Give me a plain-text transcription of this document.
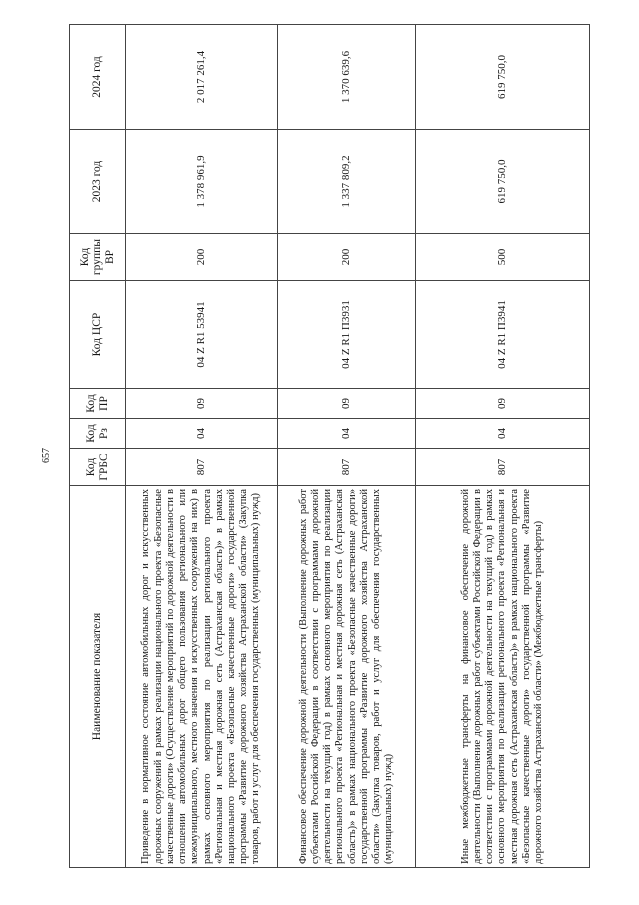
657
Наименование показателя	Код ГРБС	Код Рз	Код ПР	Код ЦСР	Код группы ВР	2023 год	2024 год
Приведение в нормативное состояние автомобильных дорог и искусственных дорожных сооружений в рамках реализации национального проекта «Безопасные качественные дороги» (Осуществление мероприятий по дорожной деятельности в отношении автомобильных дорог общего пользования регионального или межмуниципального, местного значения и искусственных сооружений на них) в рамках основного мероприятия по реализации регионального проекта «Региональная и местная дорожная сеть (Астраханская область)» в рамках национального проекта «Безопасные качественные дороги» государственной программы «Развитие дорожного хозяйства Астраханской области» (Закупка товаров, работ и услуг для обеспечения государственных (муниципальных) нужд)	807	04	09	04 Z R1 53941	200	1 378 961,9	2 017 261,4
Финансовое обеспечение дорожной деятельности (Выполнение дорожных работ субъектами Российской Федерации в соответствии с программами дорожной деятельности на текущий год) в рамках основного мероприятия по реализации регионального проекта «Региональная и местная дорожная сеть (Астраханская область)» в рамках национального проекта «Безопасные качественные дороги» государственной программы «Развитие дорожного хозяйства Астраханской области» (Закупка товаров, работ и услуг для обеспечения государственных (муниципальных) нужд)	807	04	09	04 Z R1 П3931	200	1 337 809,2	1 370 639,6
Иные межбюджетные трансферты на финансовое обеспечение дорожной деятельности (Выполнение дорожных работ субъектами Российской Федерации в соответствии с программами дорожной деятельности на текущий год) в рамках основного мероприятия по реализации регионального проекта «Региональная и местная дорожная сеть (Астраханская область)» в рамках национального проекта «Безопасные качественные дороги» государственной программы «Развитие дорожного хозяйства Астраханской области» (Межбюджетные трансферты)	807	04	09	04 Z R1 П3941	500	619 750,0	619 750,0
